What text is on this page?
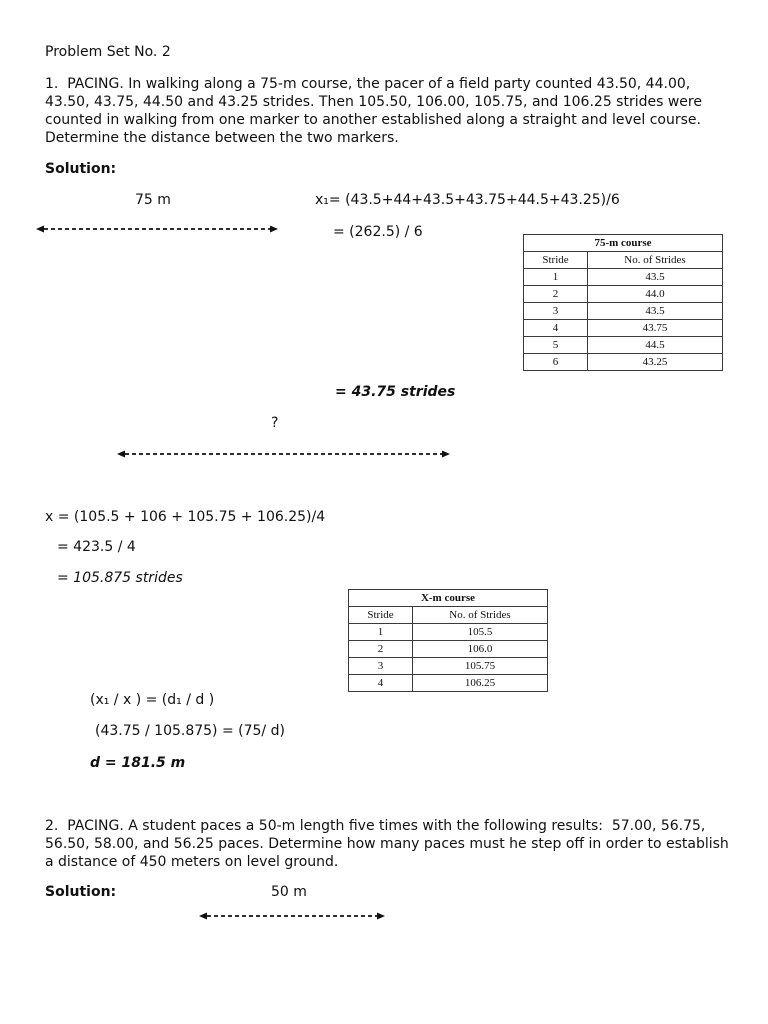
Problem Set No. 2
1.  PACING. In walking along a 75-m course, the pacer of a field party counted 43.50, 44.00,
43.50, 43.75, 44.50 and 43.25 strides. Then 105.50, 106.00, 105.75, and 106.25 strides were
counted in walking from one marker to another established along a straight and level course.
Determine the distance between the two markers.
Solution:
75 m	x₁= (43.5+44+43.5+43.75+44.5+43.25)/6
= (262.5) / 6
75-m course	
Stride	No. of Strides
1	43.5
2	44.0
3	43.5
4	43.75
5	44.5
6	43.25
= 43.75 strides
?
x = (105.5 + 106 + 105.75 + 106.25)/4
= 423.5 / 4
= 105.875 strides
X-m course	
Stride	No. of Strides
1	105.5
2	106.0
3	105.75
4	106.25
(x₁ / x ) = (d₁ / d )
(43.75 / 105.875) = (75/ d)
d = 181.5 m
2.  PACING. A student paces a 50-m length five times with the following results:  57.00, 56.75,
56.50, 58.00, and 56.25 paces. Determine how many paces must he step off in order to establish
a distance of 450 meters on level ground.
Solution:	50 m
